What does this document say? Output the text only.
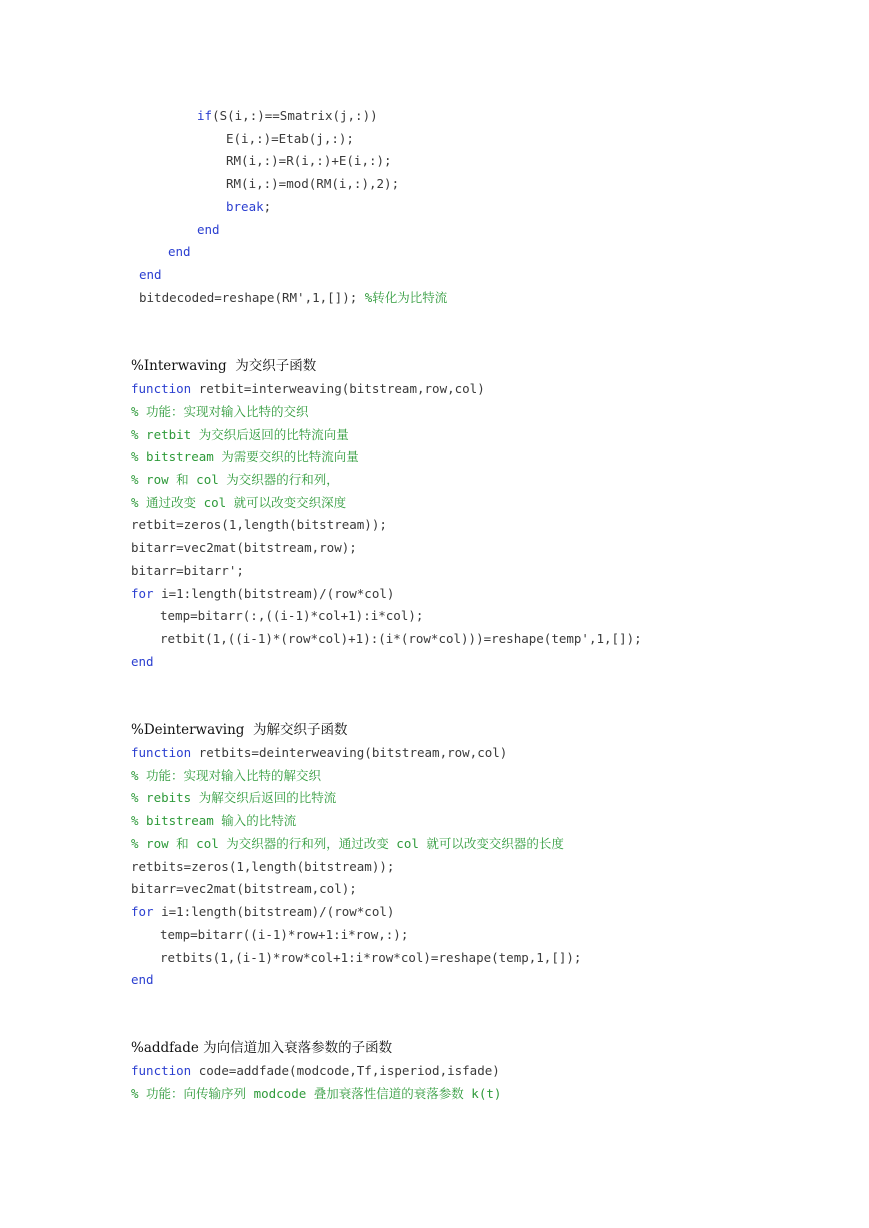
if(S(i,:)==Smatrix(j,:))
E(i,:)=Etab(j,:);
RM(i,:)=R(i,:)+E(i,:);
RM(i,:)=mod(RM(i,:),2);
break;
end
end
end
bitdecoded=reshape(RM',1,[]); %转化为比特流
%Interwaving  为交织子函数
function retbit=interweaving(bitstream,row,col)
% 功能：实现对输入比特的交织
% retbit 为交织后返回的比特流向量
% bitstream 为需要交织的比特流向量
% row 和 col 为交织器的行和列，
% 通过改变 col 就可以改变交织深度
retbit=zeros(1,length(bitstream));
bitarr=vec2mat(bitstream,row);
bitarr=bitarr';
for i=1:length(bitstream)/(row*col)
temp=bitarr(:,((i-1)*col+1):i*col);
retbit(1,((i-1)*(row*col)+1):(i*(row*col)))=reshape(temp',1,[]);
end
%Deinterwaving  为解交织子函数
function retbits=deinterweaving(bitstream,row,col)
% 功能：实现对输入比特的解交织
% rebits 为解交织后返回的比特流
% bitstream 输入的比特流
% row 和 col 为交织器的行和列，通过改变 col 就可以改变交织器的长度
retbits=zeros(1,length(bitstream));
bitarr=vec2mat(bitstream,col);
for i=1:length(bitstream)/(row*col)
temp=bitarr((i-1)*row+1:i*row,:);
retbits(1,(i-1)*row*col+1:i*row*col)=reshape(temp,1,[]);
end
%addfade 为向信道加入衰落参数的子函数
function code=addfade(modcode,Tf,isperiod,isfade)
% 功能：向传输序列 modcode 叠加衰落性信道的衰落参数 k(t)
